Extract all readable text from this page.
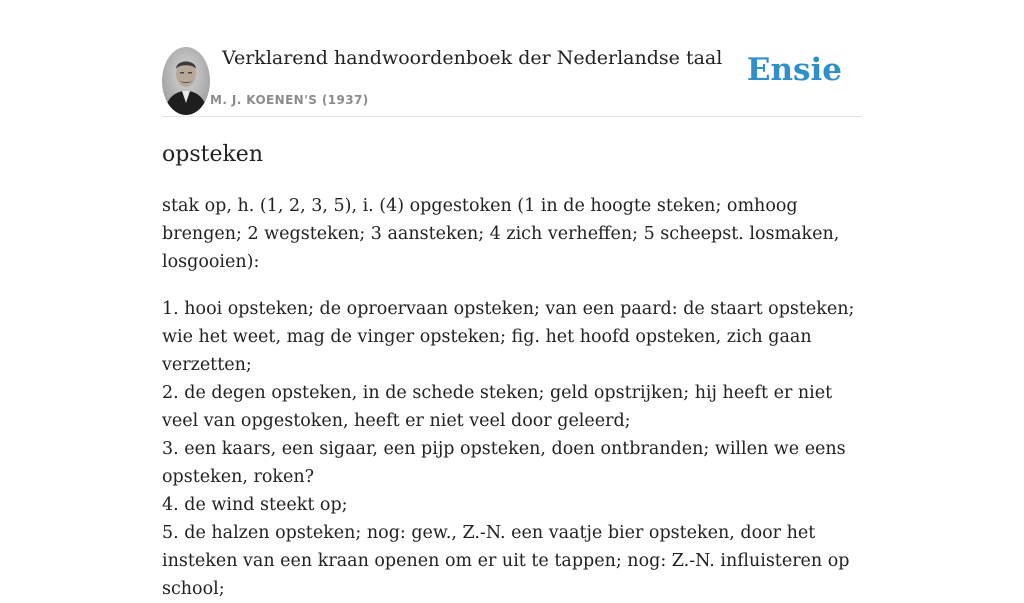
Verklarend handwoordenboek der Nederlandse taal
M. J. KOENEN'S (1937)
Ensie
opsteken

stak op, h. (1, 2, 3, 5), i. (4) opgestoken (1 in de hoogte steken; omhoog brengen; 2 wegsteken; 3 aansteken; 4 zich verheffen; 5 scheepst. losmaken, losgooien):

1. hooi opsteken; de oproervaan opsteken; van een paard: de staart opsteken; wie het weet, mag de vinger opsteken; fig. het hoofd opsteken, zich gaan verzetten;
2. de degen opsteken, in de schede steken; geld opstrijken; hij heeft er niet veel van opgestoken, heeft er niet veel door geleerd;
3. een kaars, een sigaar, een pijp opsteken, doen ontbranden; willen we eens opsteken, roken?
4. de wind steekt op;
5. de halzen opsteken; nog: gew., Z.-N. een vaatje bier opsteken, door het insteken van een kraan openen om er uit te tappen; nog: Z.-N. influisteren op school;
